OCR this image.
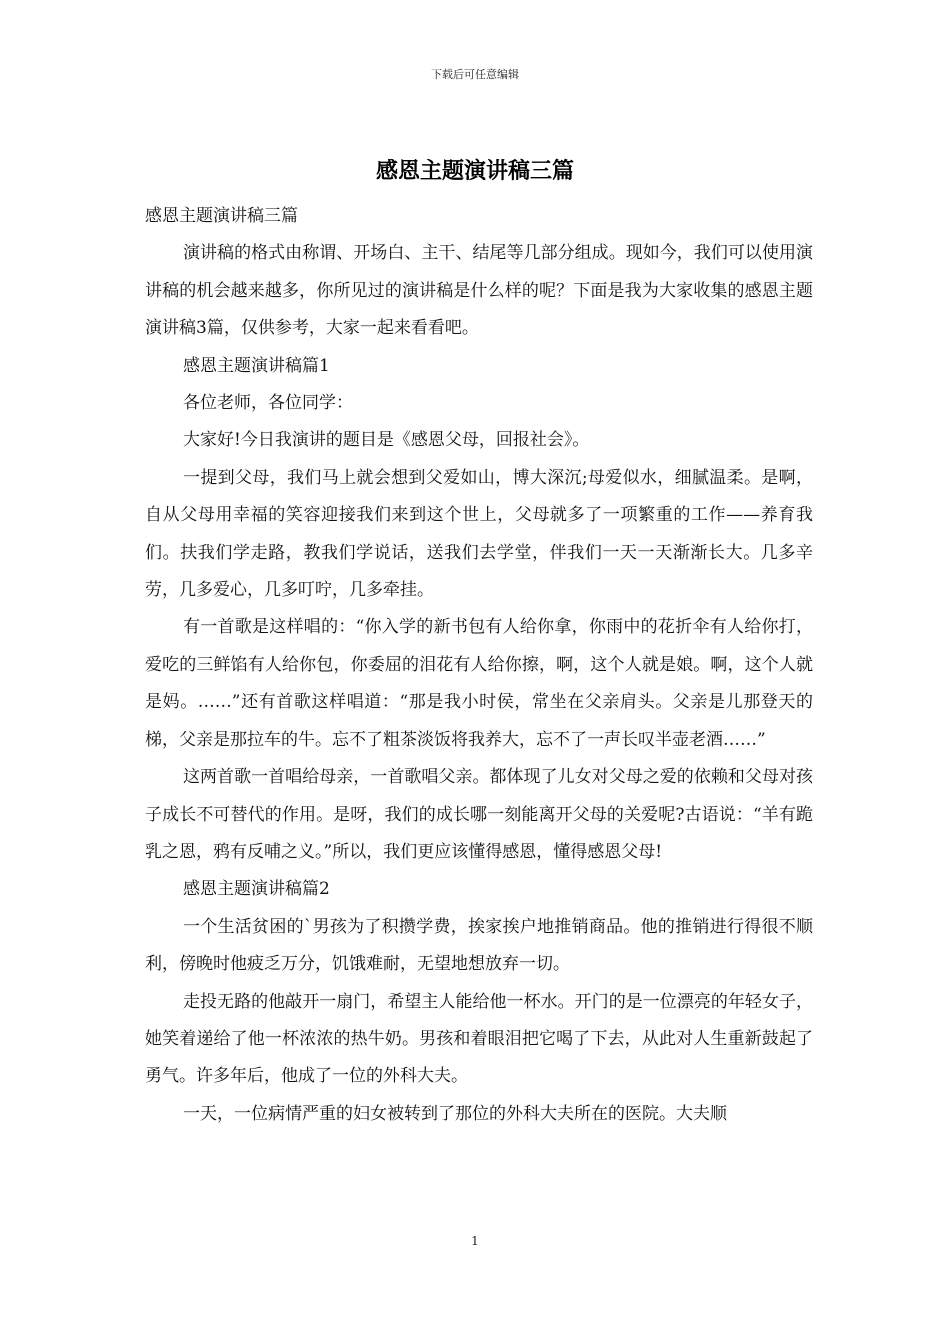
下载后可任意编辑
感恩主题演讲稿三篇

感恩主题演讲稿三篇

演讲稿的格式由称谓、开场白、主干、结尾等几部分组成。现如今，我们可以使用演讲稿的机会越来越多，你所见过的演讲稿是什么样的呢？下面是我为大家收集的感恩主题演讲稿3篇，仅供参考，大家一起来看看吧。

感恩主题演讲稿篇1

各位老师，各位同学：

大家好!今日我演讲的题目是《感恩父母，回报社会》。

一提到父母，我们马上就会想到父爱如山，博大深沉;母爱似水，细腻温柔。是啊，自从父母用幸福的笑容迎接我们来到这个世上，父母就多了一项繁重的工作——养育我们。扶我们学走路，教我们学说话，送我们去学堂，伴我们一天一天渐渐长大。几多辛劳，几多爱心，几多叮咛，几多牵挂。

有一首歌是这样唱的：“你入学的新书包有人给你拿，你雨中的花折伞有人给你打，爱吃的三鲜馅有人给你包，你委屈的泪花有人给你擦，啊，这个人就是娘。啊，这个人就是妈。……”还有首歌这样唱道：“那是我小时侯，常坐在父亲肩头。父亲是儿那登天的梯，父亲是那拉车的牛。忘不了粗茶淡饭将我养大，忘不了一声长叹半壶老酒……”

这两首歌一首唱给母亲，一首歌唱父亲。都体现了儿女对父母之爱的依赖和父母对孩子成长不可替代的作用。是呀，我们的成长哪一刻能离开父母的关爱呢?古语说：“羊有跪乳之恩，鸦有反哺之义。”所以，我们更应该懂得感恩，懂得感恩父母!

感恩主题演讲稿篇2

一个生活贫困的`男孩为了积攒学费，挨家挨户地推销商品。他的推销进行得很不顺利，傍晚时他疲乏万分，饥饿难耐，无望地想放弃一切。

走投无路的他敲开一扇门，希望主人能给他一杯水。开门的是一位漂亮的年轻女子，她笑着递给了他一杯浓浓的热牛奶。男孩和着眼泪把它喝了下去，从此对人生重新鼓起了勇气。许多年后，他成了一位的外科大夫。

一天，一位病情严重的妇女被转到了那位的外科大夫所在的医院。大夫顺

1
